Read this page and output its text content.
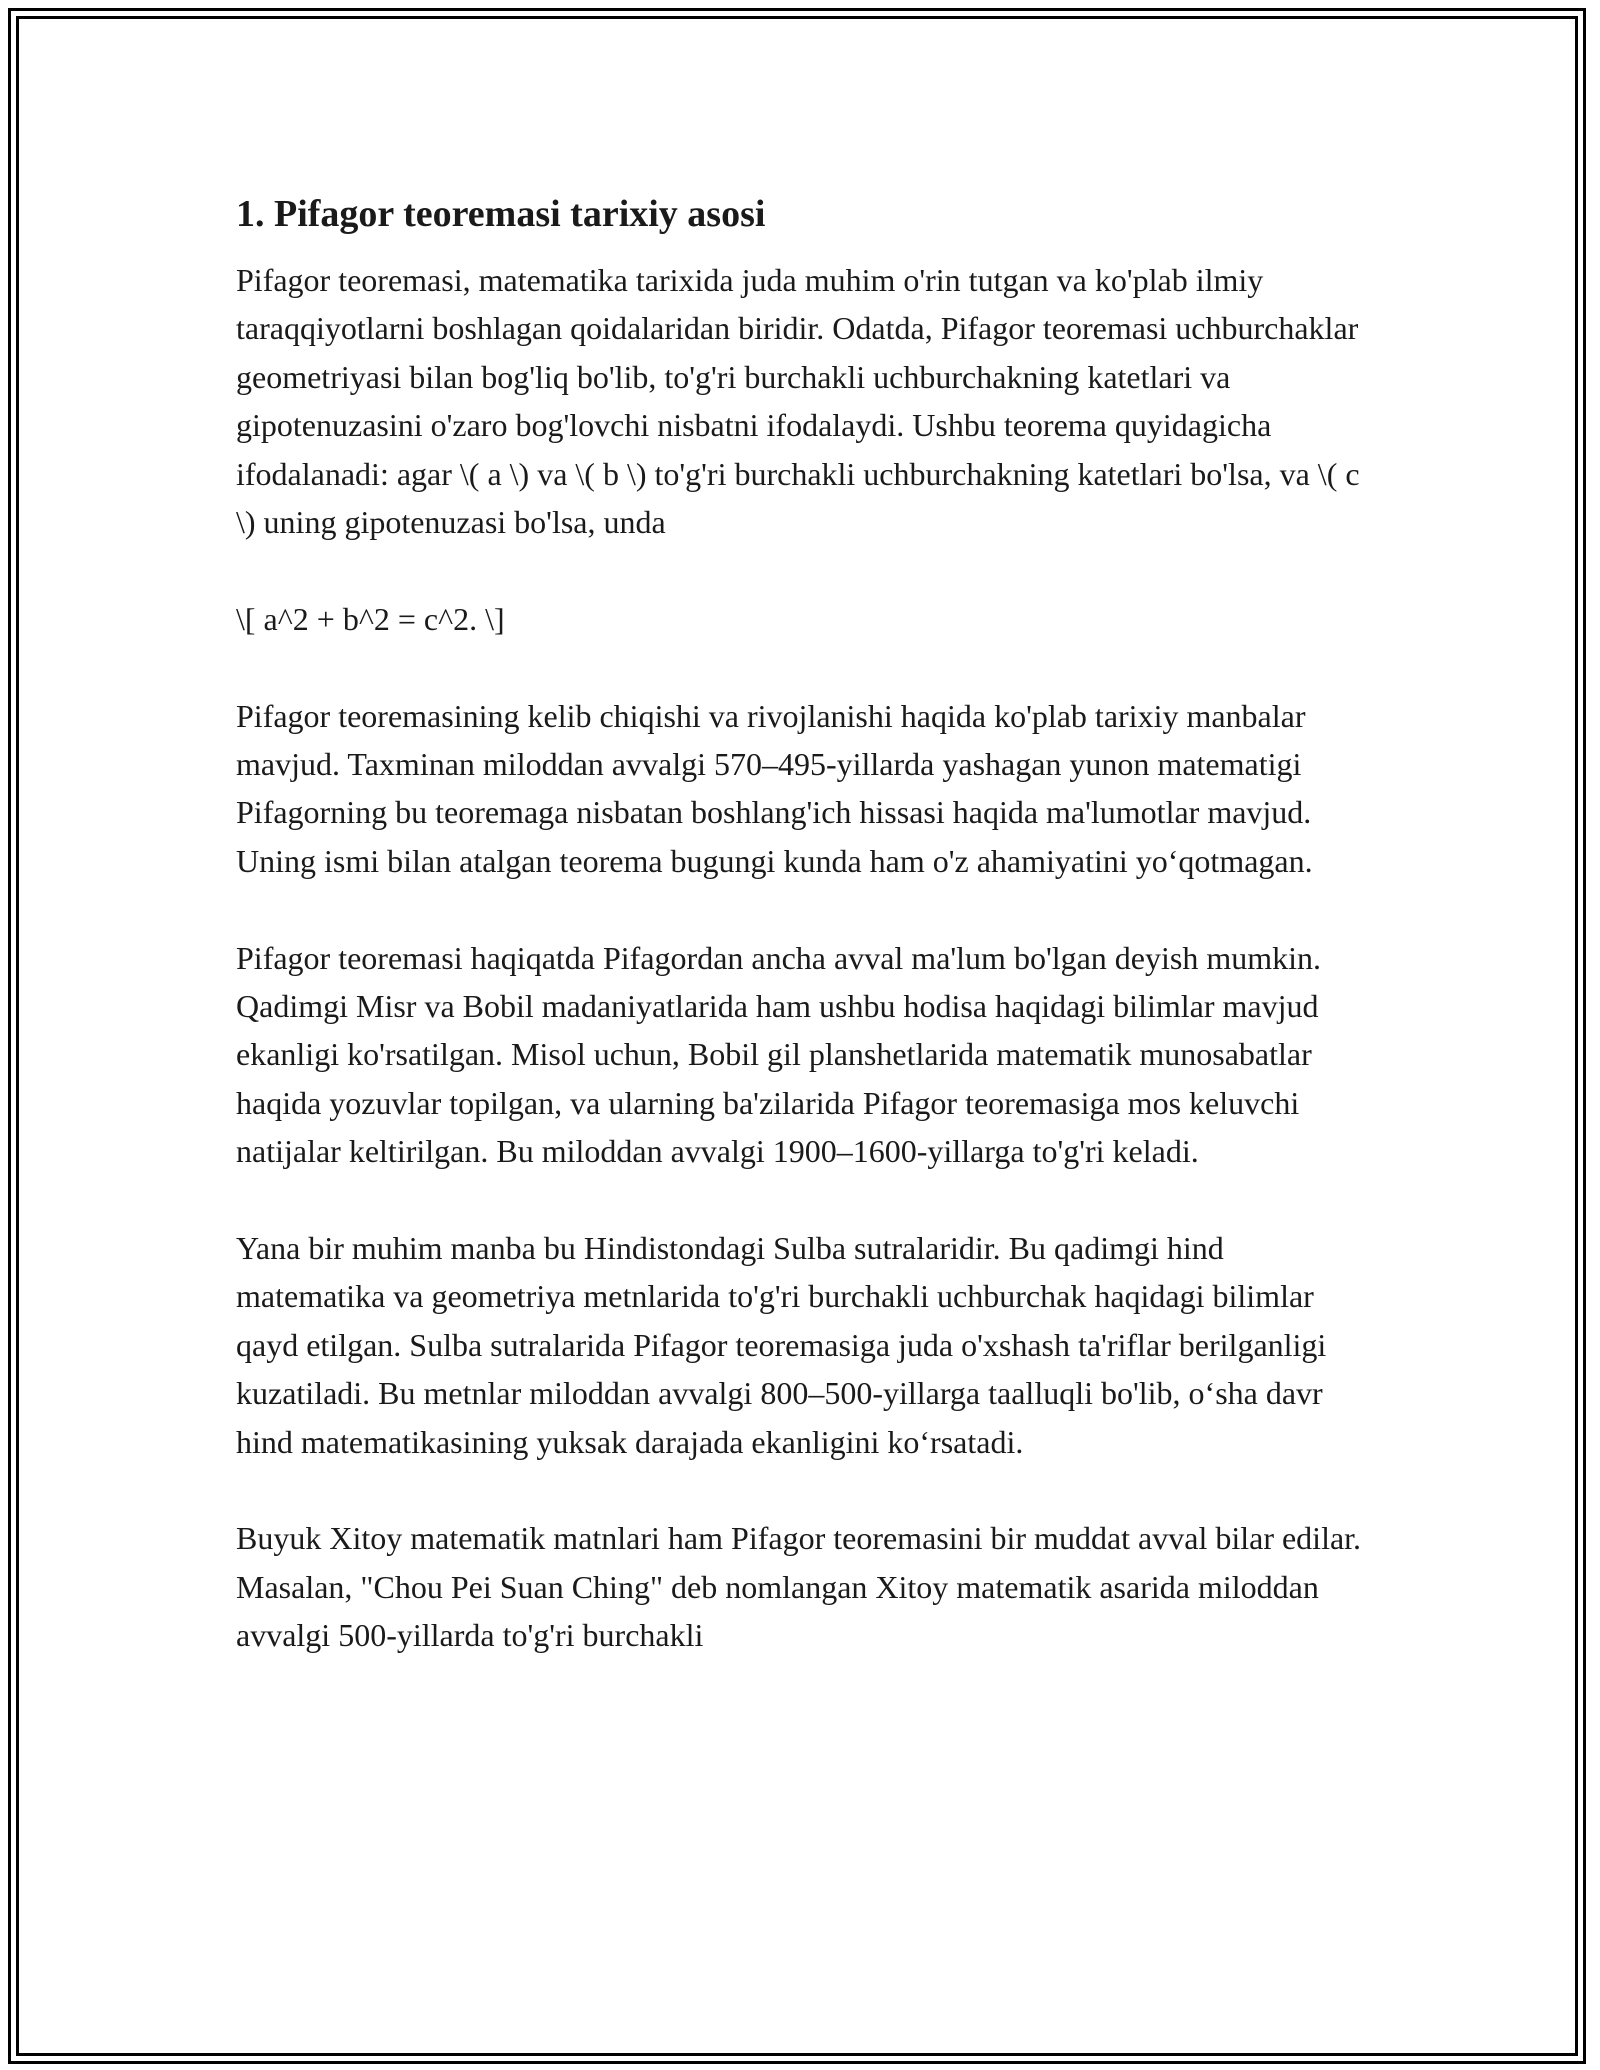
1. Pifagor teoremasi tarixiy asosi

Pifagor teoremasi, matematika tarixida juda muhim o'rin tutgan va ko'plab ilmiy taraqqiyotlarni boshlagan qoidalaridan biridir. Odatda, Pifagor teoremasi uchburchaklar geometriyasi bilan bog'liq bo'lib, to'g'ri burchakli uchburchakning katetlari va gipotenuzasini o'zaro bog'lovchi nisbatni ifodalaydi. Ushbu teorema quyidagicha ifodalanadi: agar \( a \) va \( b \) to'g'ri burchakli uchburchakning katetlari bo'lsa, va \( c \) uning gipotenuzasi bo'lsa, unda

\[ a^2 + b^2 = c^2. \]

Pifagor teoremasining kelib chiqishi va rivojlanishi haqida ko'plab tarixiy manbalar mavjud. Taxminan miloddan avvalgi 570–495-yillarda yashagan yunon matematigi Pifagorning bu teoremaga nisbatan boshlang'ich hissasi haqida ma'lumotlar mavjud. Uning ismi bilan atalgan teorema bugungi kunda ham o'z ahamiyatini yo‘qotmagan.

Pifagor teoremasi haqiqatda Pifagordan ancha avval ma'lum bo'lgan deyish mumkin. Qadimgi Misr va Bobil madaniyatlarida ham ushbu hodisa haqidagi bilimlar mavjud ekanligi ko'rsatilgan. Misol uchun, Bobil gil planshetlarida matematik munosabatlar haqida yozuvlar topilgan, va ularning ba'zilarida Pifagor teoremasiga mos keluvchi natijalar keltirilgan. Bu miloddan avvalgi 1900–1600-yillarga to'g'ri keladi.

Yana bir muhim manba bu Hindistondagi Sulba sutralaridir. Bu qadimgi hind matematika va geometriya metnlarida to'g'ri burchakli uchburchak haqidagi bilimlar qayd etilgan. Sulba sutralarida Pifagor teoremasiga juda o'xshash ta'riflar berilganligi kuzatiladi. Bu metnlar miloddan avvalgi 800–500-yillarga taalluqli bo'lib, o‘sha davr hind matematikasining yuksak darajada ekanligini ko‘rsatadi.

Buyuk Xitoy matematik matnlari ham Pifagor teoremasini bir muddat avval bilar edilar. Masalan, "Chou Pei Suan Ching" deb nomlangan Xitoy matematik asarida miloddan avvalgi 500-yillarda to'g'ri burchakli
